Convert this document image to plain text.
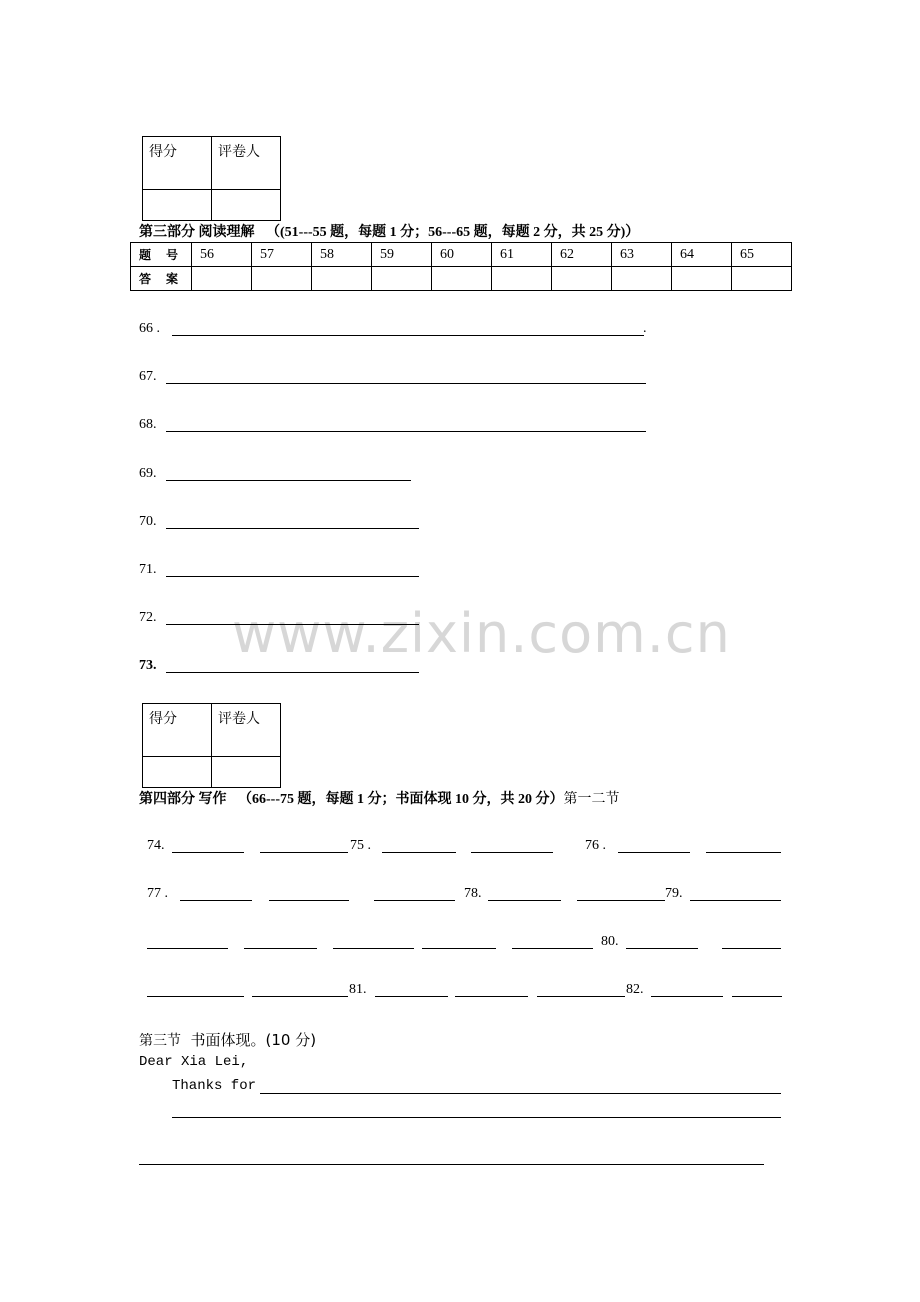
www.zixin.com.cn
得分	评卷人

第三部分 阅读理解 （(51---55 题，每题 1 分；56---65 题，每题 2 分，共 25 分)）
题 号	56	57	58	59	60	61	62	63	64	65
答 案										
66 .	.
67.
68.
69.
70.
71.
72.
73.
得分	评卷人

第四部分 写作 （66---75 题，每题 1 分；书面体现 10 分，共 20 分）第一二节
74.	75 .	76 .
77 .	78.	79.
80.
81.	82.
第三节 书面体现。(10 分)
Dear Xia Lei,
Thanks for
